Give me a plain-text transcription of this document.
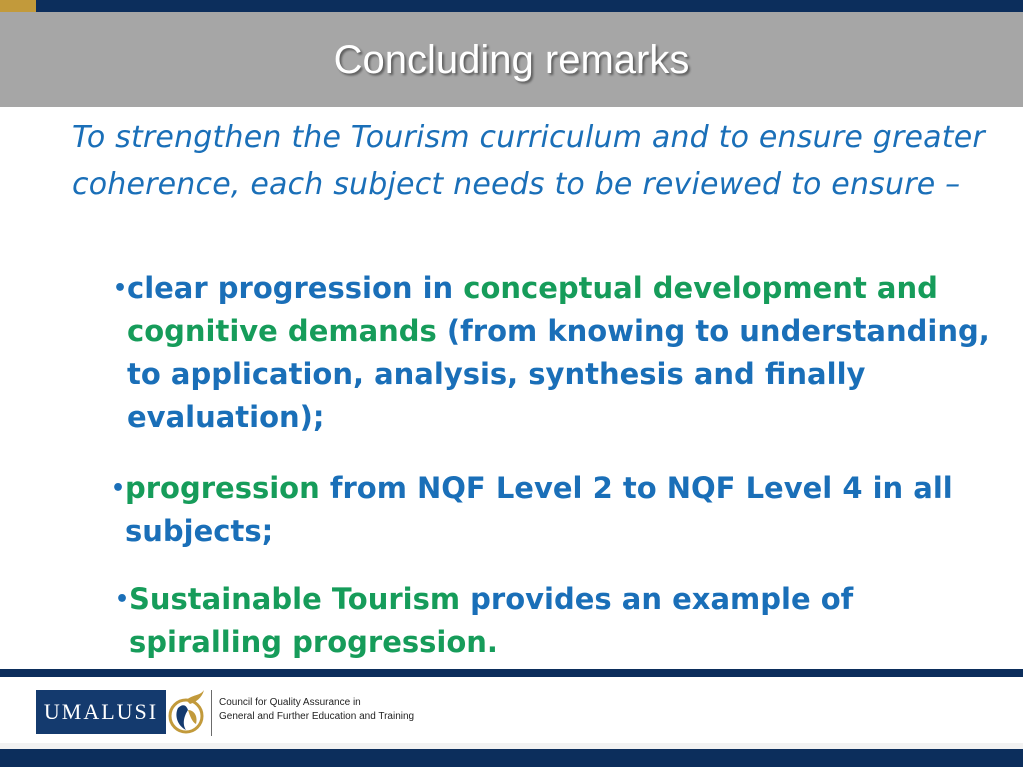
Concluding remarks
To strengthen the Tourism curriculum and to ensure greater coherence, each subject needs to be reviewed to ensure –
• clear progression in conceptual development and cognitive demands (from knowing to understanding, to application, analysis, synthesis and finally evaluation);
• progression from NQF Level 2 to NQF Level 4 in all subjects;
• Sustainable Tourism provides an example of spiralling progression.
UMALUSI	Council for Quality Assurance in
General and Further Education and Training
